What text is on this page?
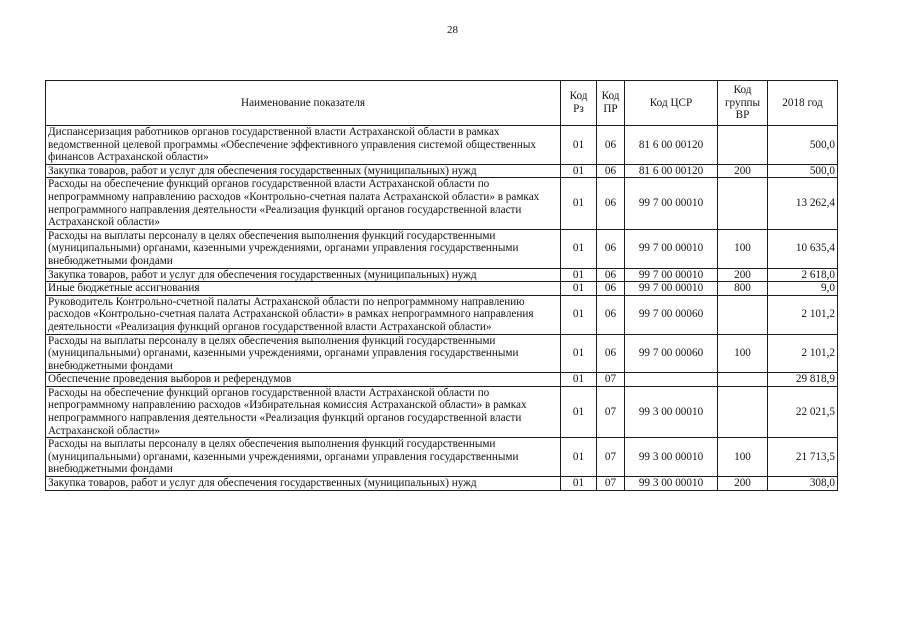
28
Наименование показателя	Код Рз	Код ПР	Код ЦСР	Код группы ВР	2018 год
Диспансеризация работников органов государственной власти Астраханской области в рамках ведомственной целевой программы «Обеспечение эффективного управления системой общественных финансов Астраханской области»	01	06	81 6 00 00120		500,0
Закупка товаров, работ и услуг для обеспечения государственных (муниципальных) нужд	01	06	81 6 00 00120	200	500,0
Расходы на обеспечение функций органов государственной власти Астраханской области по непрограммному направлению расходов «Контрольно-счетная палата Астраханской области» в рамках непрограммного направления деятельности «Реализация функций органов государственной власти Астраханской области»	01	06	99 7 00 00010		13 262,4
Расходы на выплаты персоналу в целях обеспечения выполнения функций государственными (муниципальными) органами, казенными учреждениями, органами управления государственными внебюджетными фондами	01	06	99 7 00 00010	100	10 635,4
Закупка товаров, работ и услуг для обеспечения государственных (муниципальных) нужд	01	06	99 7 00 00010	200	2 618,0
Иные бюджетные ассигнования	01	06	99 7 00 00010	800	9,0
Руководитель Контрольно-счетной палаты Астраханской области по непрограммному направлению расходов «Контрольно-счетная палата Астраханской области» в рамках непрограммного направления деятельности «Реализация функций органов государственной власти Астраханской области»	01	06	99 7 00 00060		2 101,2
Расходы на выплаты персоналу в целях обеспечения выполнения функций государственными (муниципальными) органами, казенными учреждениями, органами управления государственными внебюджетными фондами	01	06	99 7 00 00060	100	2 101,2
Обеспечение проведения выборов и референдумов	01	07			29 818,9
Расходы на обеспечение функций органов государственной власти Астраханской области по непрограммному направлению расходов «Избирательная комиссия Астраханской области» в рамках непрограммного направления деятельности «Реализация функций органов государственной власти Астраханской области»	01	07	99 3 00 00010		22 021,5
Расходы на выплаты персоналу в целях обеспечения выполнения функций государственными (муниципальными) органами, казенными учреждениями, органами управления государственными внебюджетными фондами	01	07	99 3 00 00010	100	21 713,5
Закупка товаров, работ и услуг для обеспечения государственных (муниципальных) нужд	01	07	99 3 00 00010	200	308,0
